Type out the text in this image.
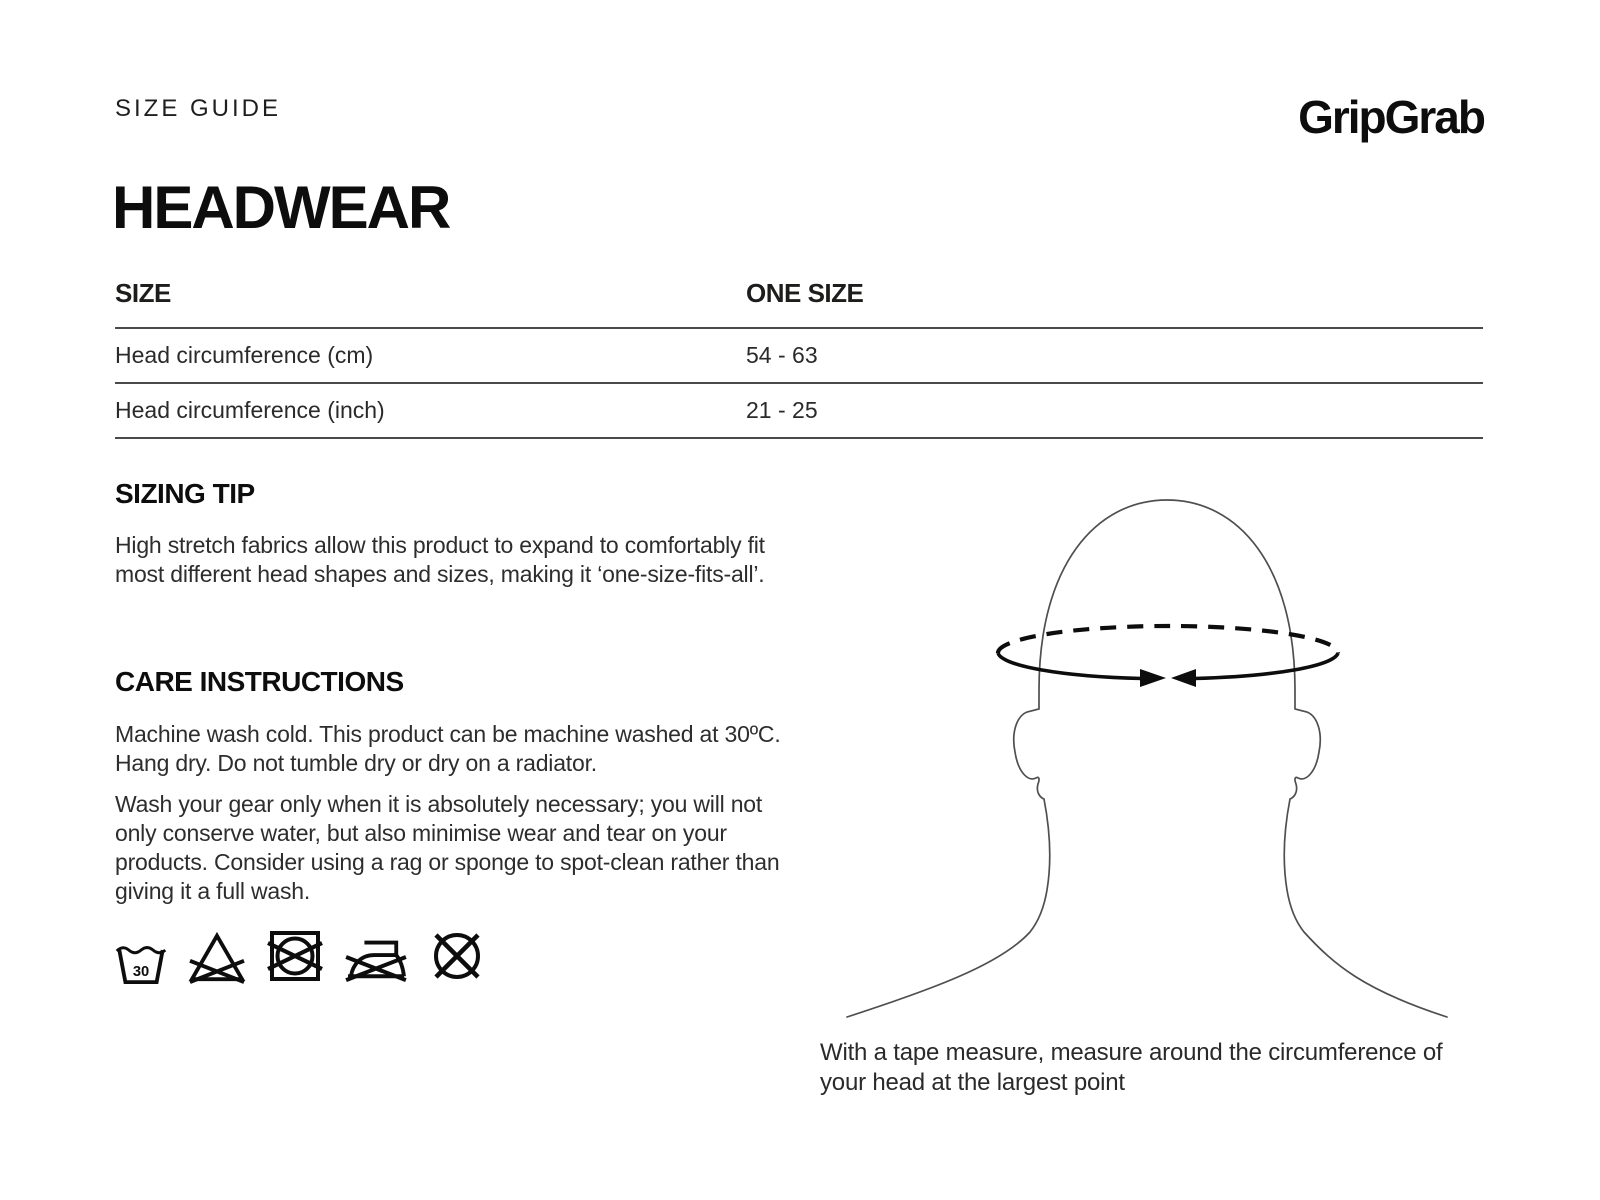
SIZE GUIDE	GripGrab
HEADWEAR
SIZE	ONE SIZE
Head circumference (cm)	54 - 63
Head circumference (inch)	21 - 25
SIZING TIP

High stretch fabrics allow this product to expand to comfortably fit most different head shapes and sizes, making it ‘one-size-fits-all’.

CARE INSTRUCTIONS

Machine wash cold. This product can be machine washed at 30ºC. Hang dry. Do not tumble dry or dry on a radiator.

Wash your gear only when it is absolutely necessary; you will not only conserve water, but also minimise wear and tear on your products. Consider using a rag or sponge to spot-clean rather than giving it a full wash.

30
With a tape measure, measure around the circumference of your head at the largest point
